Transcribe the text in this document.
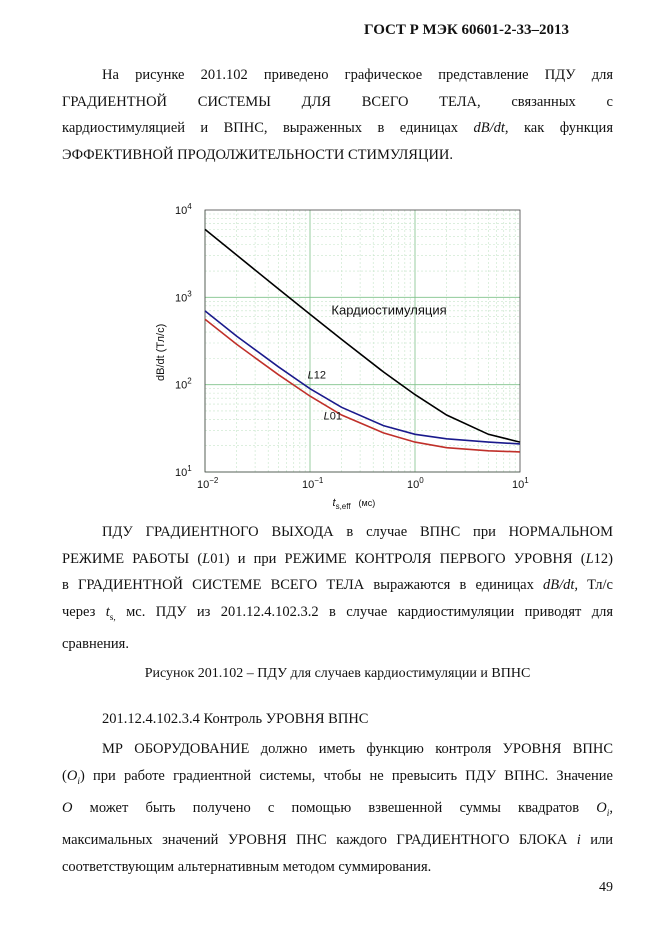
ГОСТ Р МЭК 60601-2-33–2013
На рисунке 201.102 приведено графическое представление ПДУ для
ГРАДИЕНТНОЙ СИСТЕМЫ ДЛЯ ВСЕГО ТЕЛА, связанных с
кардиостимуляцией и ВПНС, выраженных в единицах dB/dt, как функция
ЭФФЕКТИВНОЙ ПРОДОЛЖИТЕЛЬНОСТИ СТИМУЛЯЦИИ.
$10^{-2}$	$10^{-1}$	$10^0$	$10^1$
$10^1$
$10^2$
$10^3$
$10^4$
Кардиостимуляция
L12
L01
dB/dt (Тл/с)
$t_{s,eff}$ $^{(мс)}$
ПДУ ГРАДИЕНТНОГО ВЫХОДА в случае ВПНС при НОРМАЛЬНОМ
РЕЖИМЕ РАБОТЫ (L01) и при РЕЖИМЕ КОНТРОЛЯ ПЕРВОГО УРОВНЯ (L12)
в ГРАДИЕНТНОЙ СИСТЕМЕ ВСЕГО ТЕЛА выражаются в единицах dB/dt, Тл/с
через $t_{s,}$ мс. ПДУ из 201.12.4.102.3.2 в случае кардиостимуляции приводят для
сравнения.
Рисунок 201.102 – ПДУ для случаев кардиостимуляции и ВПНС
201.12.4.102.3.4 Контроль УРОВНЯ ВПНС
МР ОБОРУДОВАНИЕ должно иметь функцию контроля УРОВНЯ ВПНС
$(O_i)$ при работе градиентной системы, чтобы не превысить ПДУ ВПНС. Значение
O может быть получено с помощью взвешенной суммы квадратов $O_i$,
максимальных значений УРОВНЯ ПНС каждого ГРАДИЕНТНОГО БЛОКА i или
соответствующим альтернативным методом суммирования.
49
